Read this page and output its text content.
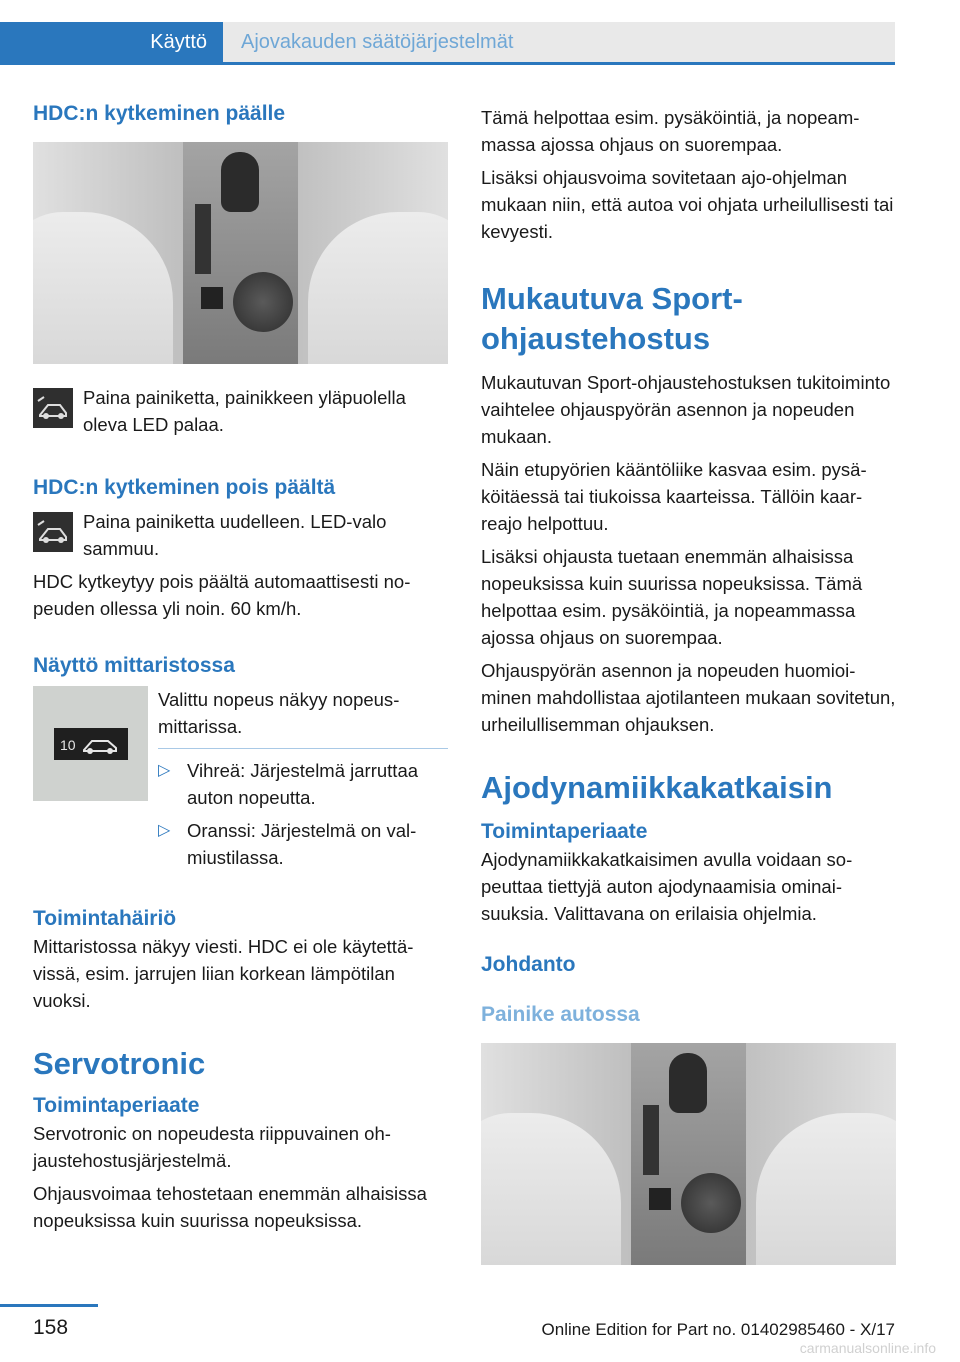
Käyttö	Ajovakauden säätöjärjestelmät
HDC:n kytkeminen päälle

Paina painiketta, painikkeen yläpuolella oleva LED palaa.

HDC:n kytkeminen pois päältä

Paina painiketta uudelleen. LED-valo sammuu.

HDC kytkeytyy pois päältä automaattisesti nopeuden ollessa yli noin. 60 km/h.

Näyttö mittaristossa
10

Valittu nopeus näkyy nopeusmittarissa.

▷ Vihreä: Järjestelmä jarruttaa auton nopeutta.
▷ Oranssi: Järjestelmä on valmiustilassa.
Toimintahäiriö

Mittaristossa näkyy viesti. HDC ei ole käytettävissä, esim. jarrujen liian korkean lämpötilan vuoksi.

Servotronic
Toimintaperiaate

Servotronic on nopeudesta riippuvainen ohjaustehostusjärjestelmä.

Ohjausvoimaa tehostetaan enemmän alhaisissa nopeuksissa kuin suurissa nopeuksissa.

Tämä helpottaa esim. pysäköintiä, ja nopeammassa ajossa ohjaus on suorempaa.

Lisäksi ohjausvoima sovitetaan ajo-ohjelman mukaan niin, että autoa voi ohjata urheilullisesti tai kevyesti.

Mukautuva Sportohjaustehostus

Mukautuvan Sport-ohjaustehostuksen tukitoiminto vaihtelee ohjauspyörän asennon ja nopeuden mukaan.

Näin etupyörien kääntöliike kasvaa esim. pysäköitäessä tai tiukoissa kaarteissa. Tällöin kaarreajo helpottuu.

Lisäksi ohjausta tuetaan enemmän alhaisissa nopeuksissa kuin suurissa nopeuksissa. Tämä helpottaa esim. pysäköintiä, ja nopeammassa ajossa ohjaus on suorempaa.

Ohjauspyörän asennon ja nopeuden huomioiminen mahdollistaa ajotilanteen mukaan sovitetun, urheilullisemman ohjauksen.

Ajodynamiikkakatkaisin
Toimintaperiaate

Ajodynamiikkakatkaisimen avulla voidaan sopeuttaa tiettyjä auton ajodynaamisia ominaisuuksia. Valittavana on erilaisia ohjelmia.

Johdanto
Painike autossa
158	Online Edition for Part no. 01402985460 - X/17
carmanualsonline.info
